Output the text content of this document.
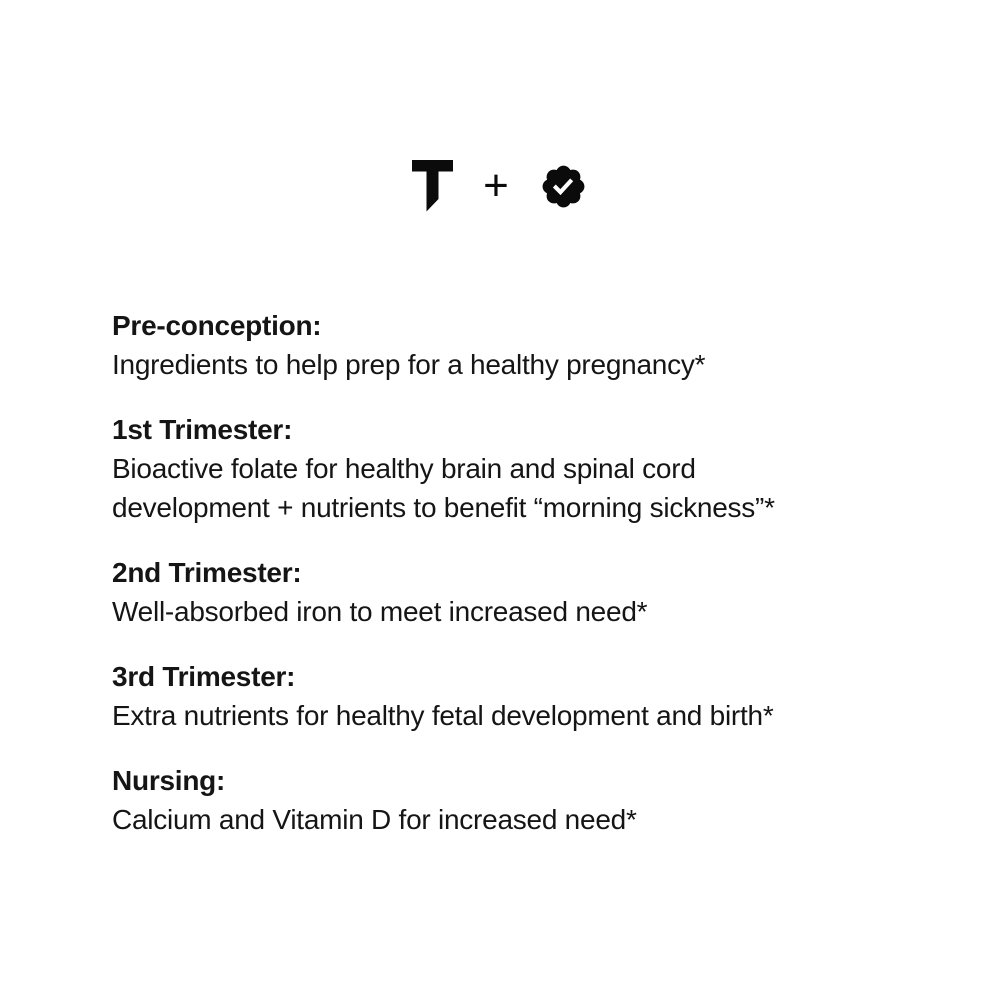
+

Pre-conception:

Ingredients to help prep for a healthy pregnancy*

1st Trimester:

Bioactive folate for healthy brain and spinal cord

development + nutrients to benefit “morning sickness”*

2nd Trimester:

Well-absorbed iron to meet increased need*

3rd Trimester:

Extra nutrients for healthy fetal development and birth*

Nursing:

Calcium and Vitamin D for increased need*
